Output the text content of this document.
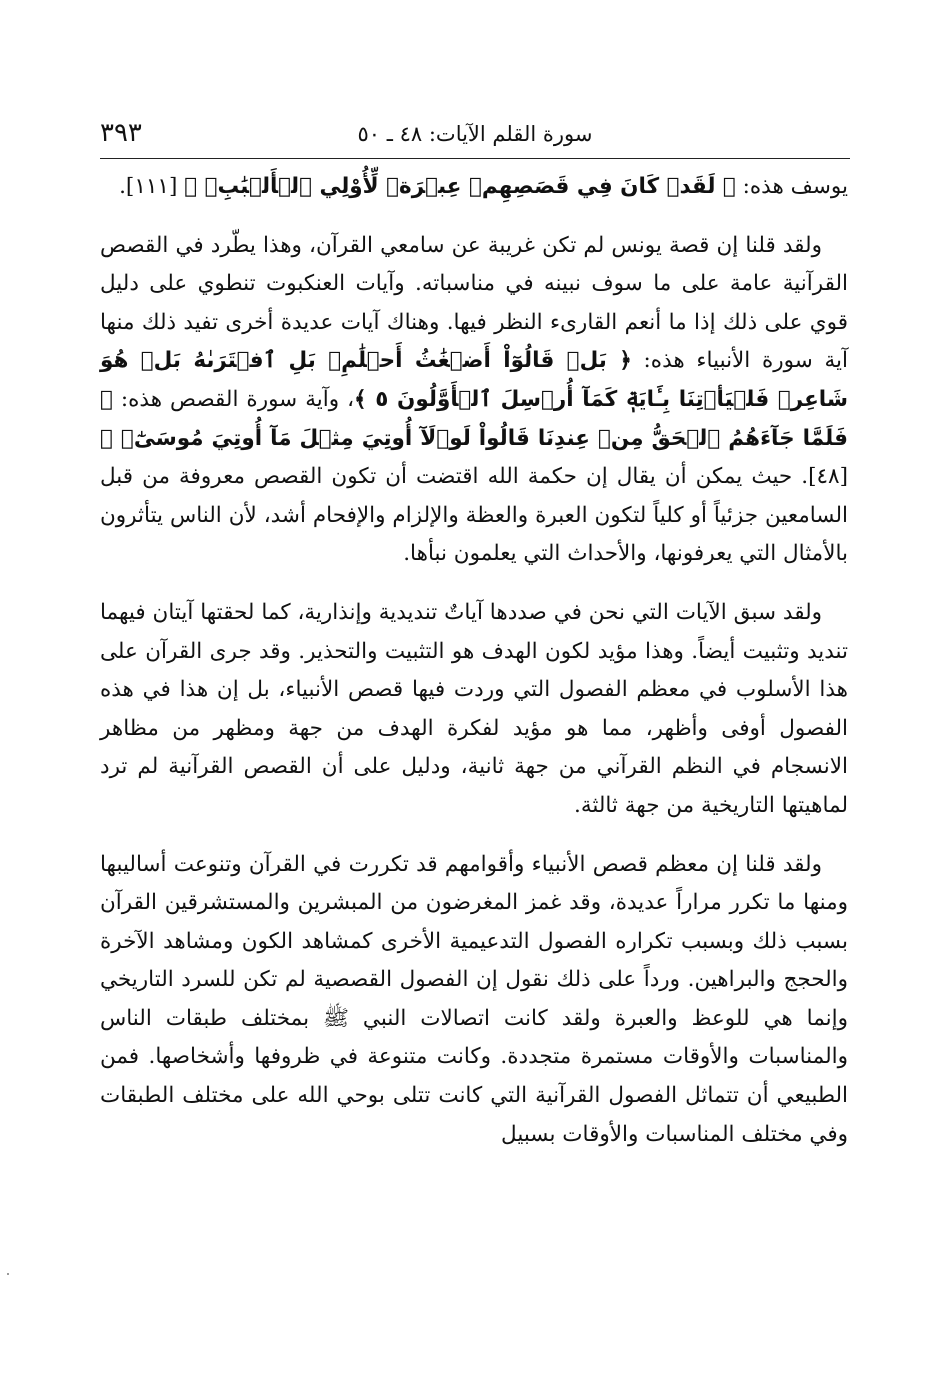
سورة القلم الآيات: ٤٨ ـ ٥٠
٣٩٣

يوسف هذه: ﴿ لَقَدۡ كَانَ فِي قَصَصِهِمۡ عِبۡرَةٞ لِّأُوْلِي ٱلۡأَلۡبَٰبِۗ ﴾ [١١١].

ولقد قلنا إن قصة يونس لم تكن غريبة عن سامعي القرآن، وهذا يطّرد في القصص القرآنية عامة على ما سوف نبينه في مناسباته. وآيات العنكبوت تنطوي على دليل قوي على ذلك إذا ما أنعم القارىء النظر فيها. وهناك آيات عديدة أخرى تفيد ذلك منها آية سورة الأنبياء هذه: ﴿ بَلۡ قَالُوٓاْ أَضۡغَٰثُ أَحۡلَٰمِۭ بَلِ ٱفۡتَرَىٰهُ بَلۡ هُوَ شَاعِرٞ فَلۡيَأۡتِنَا بِـَٔايَةٖ كَمَآ أُرۡسِلَ ٱلۡأَوَّلُونَ ٥ ﴾، وآية سورة القصص هذه: ﴿ فَلَمَّا جَآءَهُمُ ٱلۡحَقُّ مِنۡ عِندِنَا قَالُواْ لَوۡلَآ أُوتِيَ مِثۡلَ مَآ أُوتِيَ مُوسَىٰٓۚ ﴾ [٤٨]. حيث يمكن أن يقال إن حكمة الله اقتضت أن تكون القصص معروفة من قبل السامعين جزئياً أو كلياً لتكون العبرة والعظة والإلزام والإفحام أشد، لأن الناس يتأثرون بالأمثال التي يعرفونها، والأحداث التي يعلمون نبأها.

ولقد سبق الآيات التي نحن في صددها آياتٌ تنديدية وإنذارية، كما لحقتها آيتان فيهما تنديد وتثبيت أيضاً. وهذا مؤيد لكون الهدف هو التثبيت والتحذير. وقد جرى القرآن على هذا الأسلوب في معظم الفصول التي وردت فيها قصص الأنبياء، بل إن هذا في هذه الفصول أوفى وأظهر، مما هو مؤيد لفكرة الهدف من جهة ومظهر من مظاهر الانسجام في النظم القرآني من جهة ثانية، ودليل على أن القصص القرآنية لم ترد لماهيتها التاريخية من جهة ثالثة.

ولقد قلنا إن معظم قصص الأنبياء وأقوامهم قد تكررت في القرآن وتنوعت أساليبها ومنها ما تكرر مراراً عديدة، وقد غمز المغرضون من المبشرين والمستشرقين القرآن بسبب ذلك وبسبب تكراره الفصول التدعيمية الأخرى كمشاهد الكون ومشاهد الآخرة والحجج والبراهين. ورداً على ذلك نقول إن الفصول القصصية لم تكن للسرد التاريخي وإنما هي للوعظ والعبرة ولقد كانت اتصالات النبي ﷺ بمختلف طبقات الناس والمناسبات والأوقات مستمرة متجددة. وكانت متنوعة في ظروفها وأشخاصها. فمن الطبيعي أن تتماثل الفصول القرآنية التي كانت تتلى بوحي الله على مختلف الطبقات وفي مختلف المناسبات والأوقات بسبيل
